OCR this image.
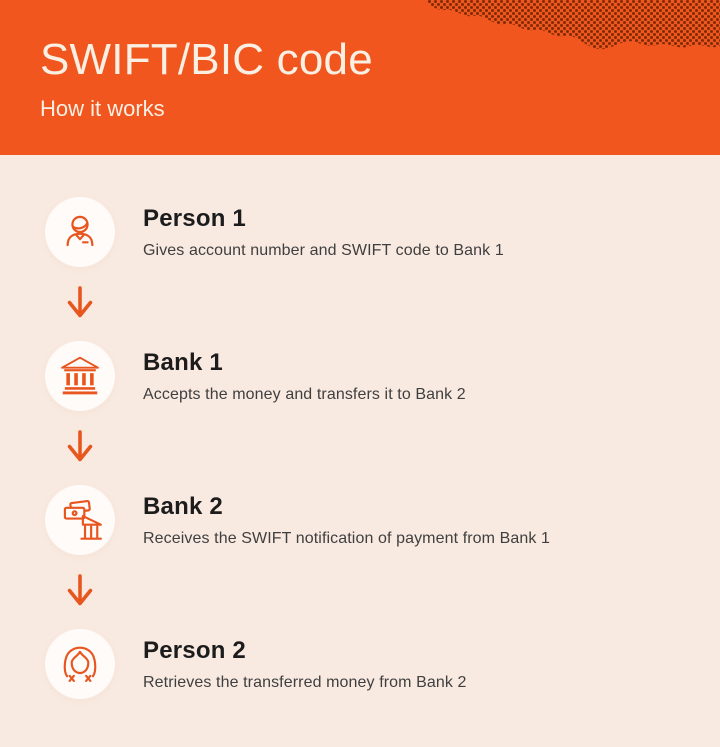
SWIFT/BIC code
How it works
Person 1
Gives account number and SWIFT code to Bank 1
Bank 1
Accepts the money and transfers it to Bank 2
Bank 2
Receives the SWIFT notification of payment from Bank 1
Person 2
Retrieves the transferred money from Bank 2
